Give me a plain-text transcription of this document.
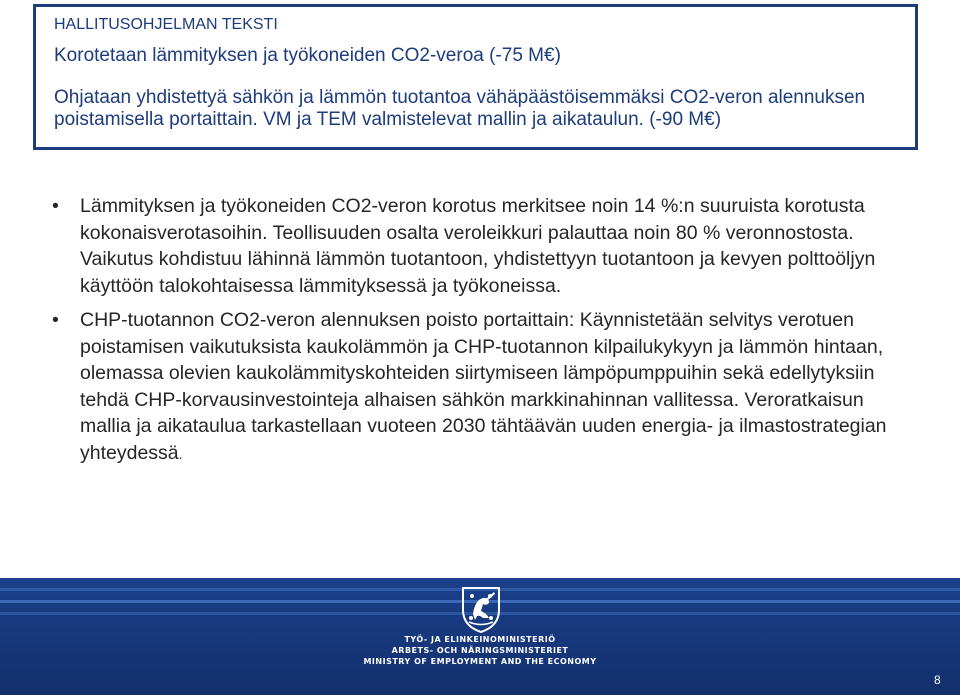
HALLITUSOHJELMAN TEKSTI
Korotetaan lämmityksen ja työkoneiden CO2-veroa (-75 M€)
Ohjataan yhdistettyä sähkön ja lämmön tuotantoa vähäpäästöisemmäksi CO2-veron alennuksen poistamisella portaittain. VM ja TEM valmistelevat mallin ja aikataulun. (-90 M€)
• Lämmityksen ja työkoneiden CO2-veron korotus merkitsee noin 14 %:n suuruista korotusta kokonaisverotasoihin. Teollisuuden osalta veroleikkuri palauttaa noin 80 % veronnostosta. Vaikutus kohdistuu lähinnä lämmön tuotantoon, yhdistettyyn tuotantoon ja kevyen polttoöljyn käyttöön talokohtaisessa lämmityksessä ja työkoneissa.
• CHP-tuotannon CO2-veron alennuksen poisto portaittain: Käynnistetään selvitys verotuen poistamisen vaikutuksista kaukolämmön ja CHP-tuotannon kilpailukykyyn ja lämmön hintaan, olemassa olevien kaukolämmityskohteiden siirtymiseen lämpöpumppuihin sekä edellytyksiin tehdä CHP-korvausinvestointeja alhaisen sähkön markkinahinnan vallitessa. Veroratkaisun mallia ja aikataulua tarkastellaan vuoteen 2030 tähtäävän uuden energia- ja ilmastostrategian yhteydessä.
TYÖ- JA ELINKEINOMINISTERIÖ
ARBETS- OCH NÄRINGSMINISTERIET
MINISTRY OF EMPLOYMENT AND THE ECONOMY
8
